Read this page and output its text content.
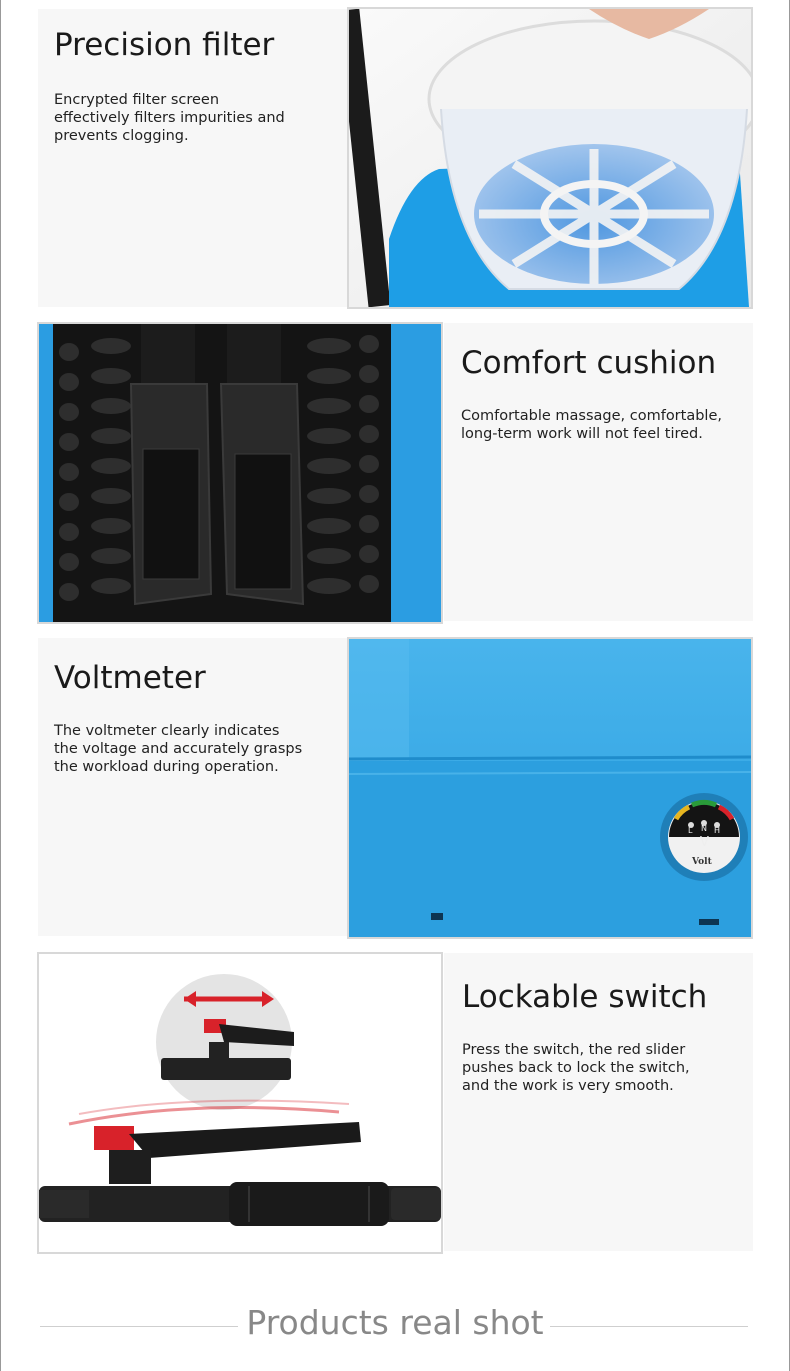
Precision filter

Encrypted filter screen effectively filters impurities and prevents clogging.

Comfort cushion

Comfortable massage, comfortable, long-term work will not feel tired.

Voltmeter

The voltmeter clearly indicates the voltage and accurately grasps the workload during operation.

L N H
V
Volt
Lockable switch

Press the switch, the red slider pushes back to lock the switch, and the work is very smooth.

Products real shot
